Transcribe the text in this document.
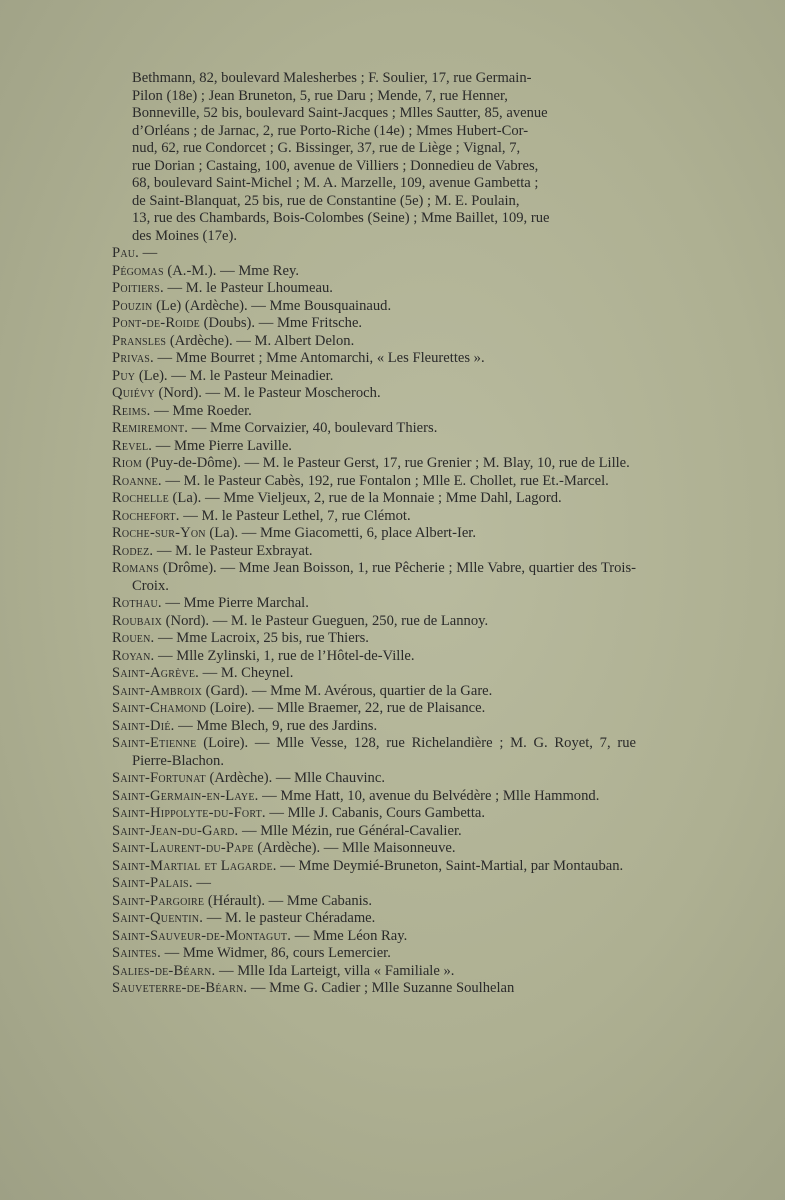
Bethmann, 82, boulevard Malesherbes ; F. Soulier, 17, rue Germain-
Pilon (18e) ; Jean Bruneton, 5, rue Daru ; Mende, 7, rue Henner,
Bonneville, 52 bis, boulevard Saint-Jacques ; Mlles Sautter, 85, avenue
d’Orléans ; de Jarnac, 2, rue Porto-Riche (14e) ; Mmes Hubert-Cor-
nud, 62, rue Condorcet ; G. Bissinger, 37, rue de Liège ; Vignal, 7,
rue Dorian ; Castaing, 100, avenue de Villiers ; Donnedieu de Vabres,
68, boulevard Saint-Michel ; M. A. Marzelle, 109, avenue Gambetta ;
de Saint-Blanquat, 25 bis, rue de Constantine (5e) ; M. E. Poulain,
13, rue des Chambards, Bois-Colombes (Seine) ; Mme Baillet, 109, rue
des Moines (17e).
Pau. —
Pégomas (A.-M.). — Mme Rey.
Poitiers. — M. le Pasteur Lhoumeau.
Pouzin (Le) (Ardèche). — Mme Bousquainaud.
Pont-de-Roide (Doubs). — Mme Fritsche.
Pransles (Ardèche). — M. Albert Delon.
Privas. — Mme Bourret ; Mme Antomarchi, « Les Fleurettes ».
Puy (Le). — M. le Pasteur Meinadier.
Quiévy (Nord). — M. le Pasteur Moscheroch.
Reims. — Mme Roeder.
Remiremont. — Mme Corvaizier, 40, boulevard Thiers.
Revel. — Mme Pierre Laville.
Riom (Puy-de-Dôme). — M. le Pasteur Gerst, 17, rue Grenier ; M. Blay, 10, rue de Lille.
Roanne. — M. le Pasteur Cabès, 192, rue Fontalon ; Mlle E. Chollet, rue Et.-Marcel.
Rochelle (La). — Mme Vieljeux, 2, rue de la Monnaie ; Mme Dahl, Lagord.
Rochefort. — M. le Pasteur Lethel, 7, rue Clémot.
Roche-sur-Yon (La). — Mme Giacometti, 6, place Albert-Ier.
Rodez. — M. le Pasteur Exbrayat.
Romans (Drôme). — Mme Jean Boisson, 1, rue Pêcherie ; Mlle Vabre, quartier des Trois-Croix.
Rothau. — Mme Pierre Marchal.
Roubaix (Nord). — M. le Pasteur Gueguen, 250, rue de Lannoy.
Rouen. — Mme Lacroix, 25 bis, rue Thiers.
Royan. — Mlle Zylinski, 1, rue de l’Hôtel-de-Ville.
Saint-Agrève. — M. Cheynel.
Saint-Ambroix (Gard). — Mme M. Avérous, quartier de la Gare.
Saint-Chamond (Loire). — Mlle Braemer, 22, rue de Plaisance.
Saint-Dié. — Mme Blech, 9, rue des Jardins.
Saint-Etienne (Loire). — Mlle Vesse, 128, rue Richelandière ; M. G. Royet, 7, rue Pierre-Blachon.
Saint-Fortunat (Ardèche). — Mlle Chauvinc.
Saint-Germain-en-Laye. — Mme Hatt, 10, avenue du Belvédère ; Mlle Hammond.
Saint-Hippolyte-du-Fort. — Mlle J. Cabanis, Cours Gambetta.
Saint-Jean-du-Gard. — Mlle Mézin, rue Général-Cavalier.
Saint-Laurent-du-Pape (Ardèche). — Mlle Maisonneuve.
Saint-Martial et Lagarde. — Mme Deymié-Bruneton, Saint-Martial, par Montauban.
Saint-Palais. —
Saint-Pargoire (Hérault). — Mme Cabanis.
Saint-Quentin. — M. le pasteur Chéradame.
Saint-Sauveur-de-Montagut. — Mme Léon Ray.
Saintes. — Mme Widmer, 86, cours Lemercier.
Salies-de-Béarn. — Mlle Ida Larteigt, villa « Familiale ».
Sauveterre-de-Béarn. — Mme G. Cadier ; Mlle Suzanne Soulhelan
